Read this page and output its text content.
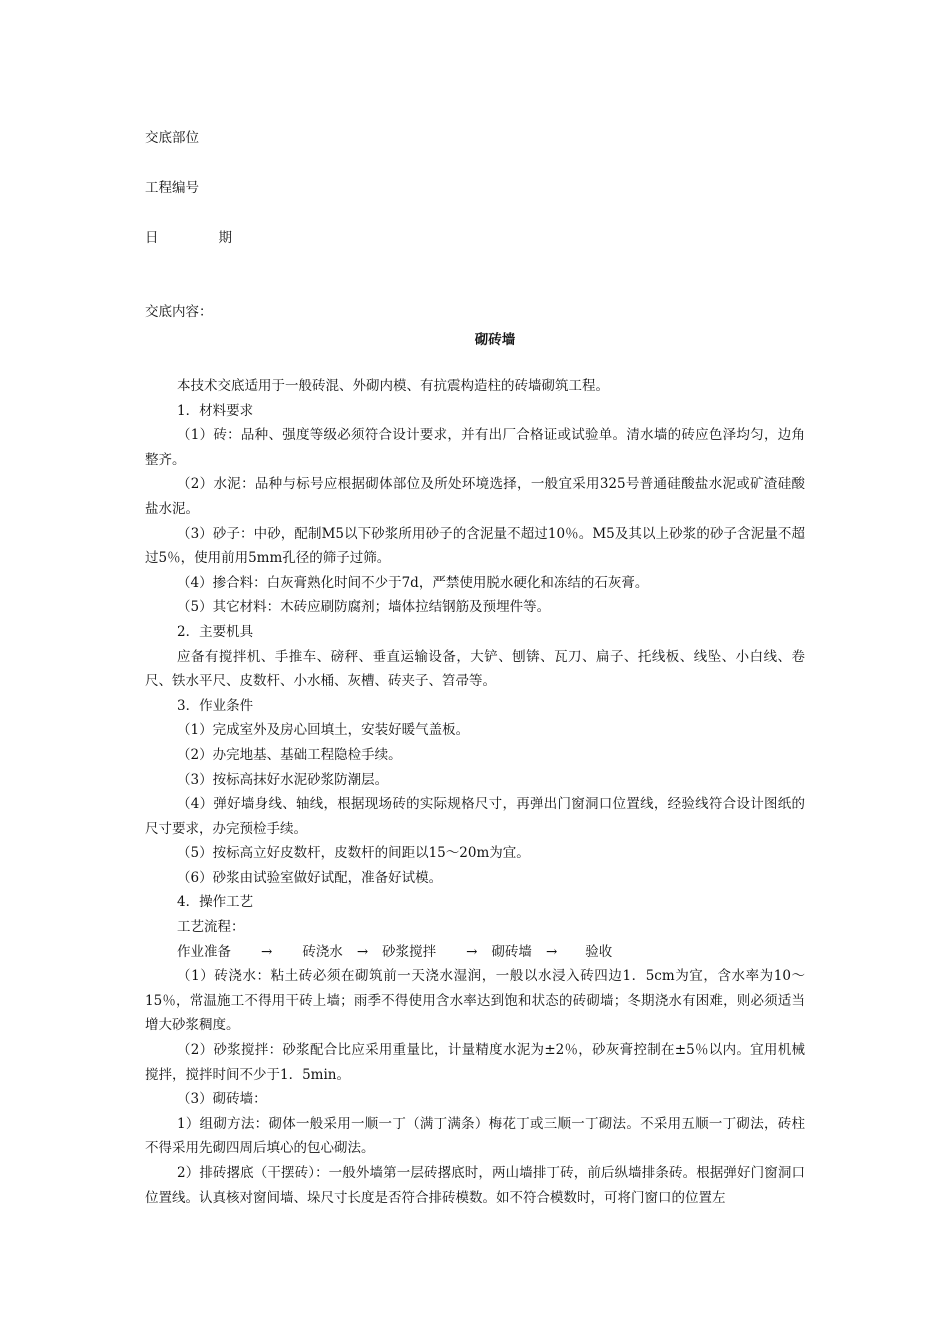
交底部位
工程编号
日	期
交底内容：
砌砖墙

本技术交底适用于一般砖混、外砌内模、有抗震构造柱的砖墙砌筑工程。

1．材料要求

（1）砖：品种、强度等级必须符合设计要求，并有出厂合格证或试验单。清水墙的砖应色泽均匀，边角整齐。

（2）水泥：品种与标号应根据砌体部位及所处环境选择，一般宜采用325号普通硅酸盐水泥或矿渣硅酸盐水泥。

（3）砂子：中砂，配制M5以下砂浆所用砂子的含泥量不超过10％。M5及其以上砂浆的砂子含泥量不超过5％，使用前用5mm孔径的筛子过筛。

（4）掺合料：白灰膏熟化时间不少于7d，严禁使用脱水硬化和冻结的石灰膏。

（5）其它材料：木砖应刷防腐剂；墙体拉结钢筋及预埋件等。

2．主要机具

应备有搅拌机、手推车、磅秤、垂直运输设备，大铲、刨锛、瓦刀、扁子、托线板、线坠、小白线、卷尺、铁水平尺、皮数杆、小水桶、灰槽、砖夹子、笤帚等。

3．作业条件

（1）完成室外及房心回填土，安装好暖气盖板。

（2）办完地基、基础工程隐检手续。

（3）按标高抹好水泥砂浆防潮层。

（4）弹好墙身线、轴线，根据现场砖的实际规格尺寸，再弹出门窗洞口位置线，经验线符合设计图纸的尺寸要求，办完预检手续。

（5）按标高立好皮数杆，皮数杆的间距以15～20m为宜。

（6）砂浆由试验室做好试配，准备好试模。

4．操作工艺

工艺流程：

作业准备 → 砖浇水 → 砂浆搅拌 → 砌砖墙 → 验收

（1）砖浇水：粘土砖必须在砌筑前一天浇水湿润，一般以水浸入砖四边1．5cm为宜，含水率为10～15％，常温施工不得用干砖上墙；雨季不得使用含水率达到饱和状态的砖砌墙；冬期浇水有困难，则必须适当增大砂浆稠度。

（2）砂浆搅拌：砂浆配合比应采用重量比，计量精度水泥为±2％，砂灰膏控制在±5％以内。宜用机械搅拌，搅拌时间不少于1．5min。

（3）砌砖墙：

1）组砌方法：砌体一般采用一顺一丁（满丁满条）梅花丁或三顺一丁砌法。不采用五顺一丁砌法，砖柱不得采用先砌四周后填心的包心砌法。

2）排砖撂底（干摆砖）：一般外墙第一层砖撂底时，两山墙排丁砖，前后纵墙排条砖。根据弹好门窗洞口位置线。认真核对窗间墙、垛尺寸长度是否符合排砖模数。如不符合模数时，可将门窗口的位置左
